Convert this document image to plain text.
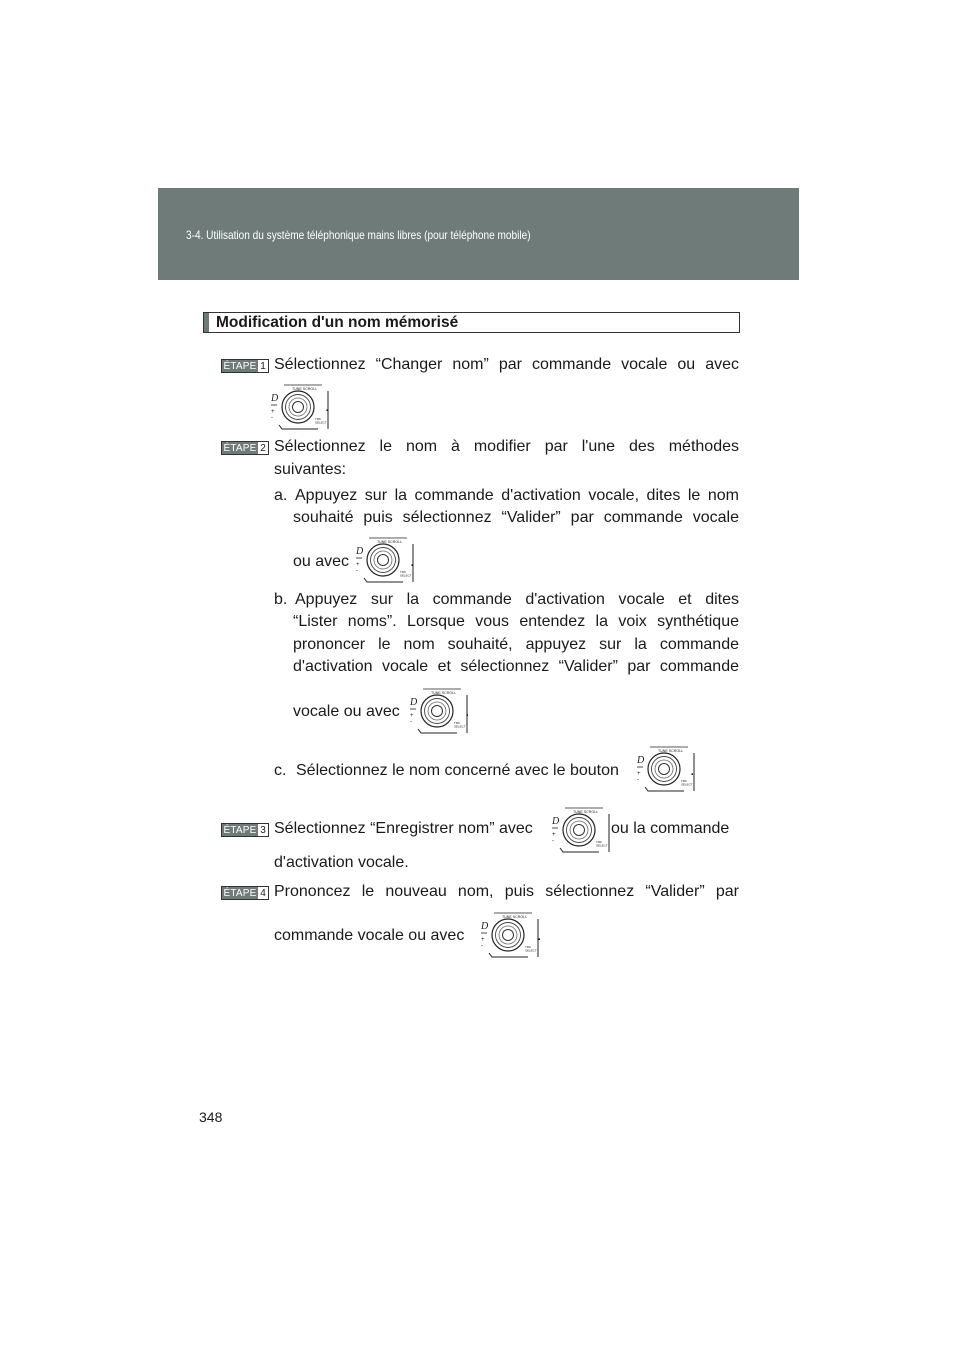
3-4. Utilisation du système téléphonique mains libres (pour téléphone mobile)
Modification d'un nom mémorisé
ÉTAPE 1 Sélectionnez “Changer nom” par commande vocale ou avec
.
ÉTAPE 2 Sélectionnez le nom à modifier par l'une des méthodes
suivantes:
a. Appuyez sur la commande d'activation vocale, dites le nom
souhaité puis sélectionnez “Valider” par commande vocale
ou avec	.
b. Appuyez sur la commande d'activation vocale et dites
“Lister noms”. Lorsque vous entendez la voix synthétique
prononcer le nom souhaité, appuyez sur la commande
d'activation vocale et sélectionnez “Valider” par commande
vocale ou avec	.
c. Sélectionnez le nom concerné avec le bouton	.
ÉTAPE 3 Sélectionnez “Enregistrer nom” avec	ou la commande
d'activation vocale.
ÉTAPE 4 Prononcez le nouveau nom, puis sélectionnez “Valider” par
commande vocale ou avec	.
348
